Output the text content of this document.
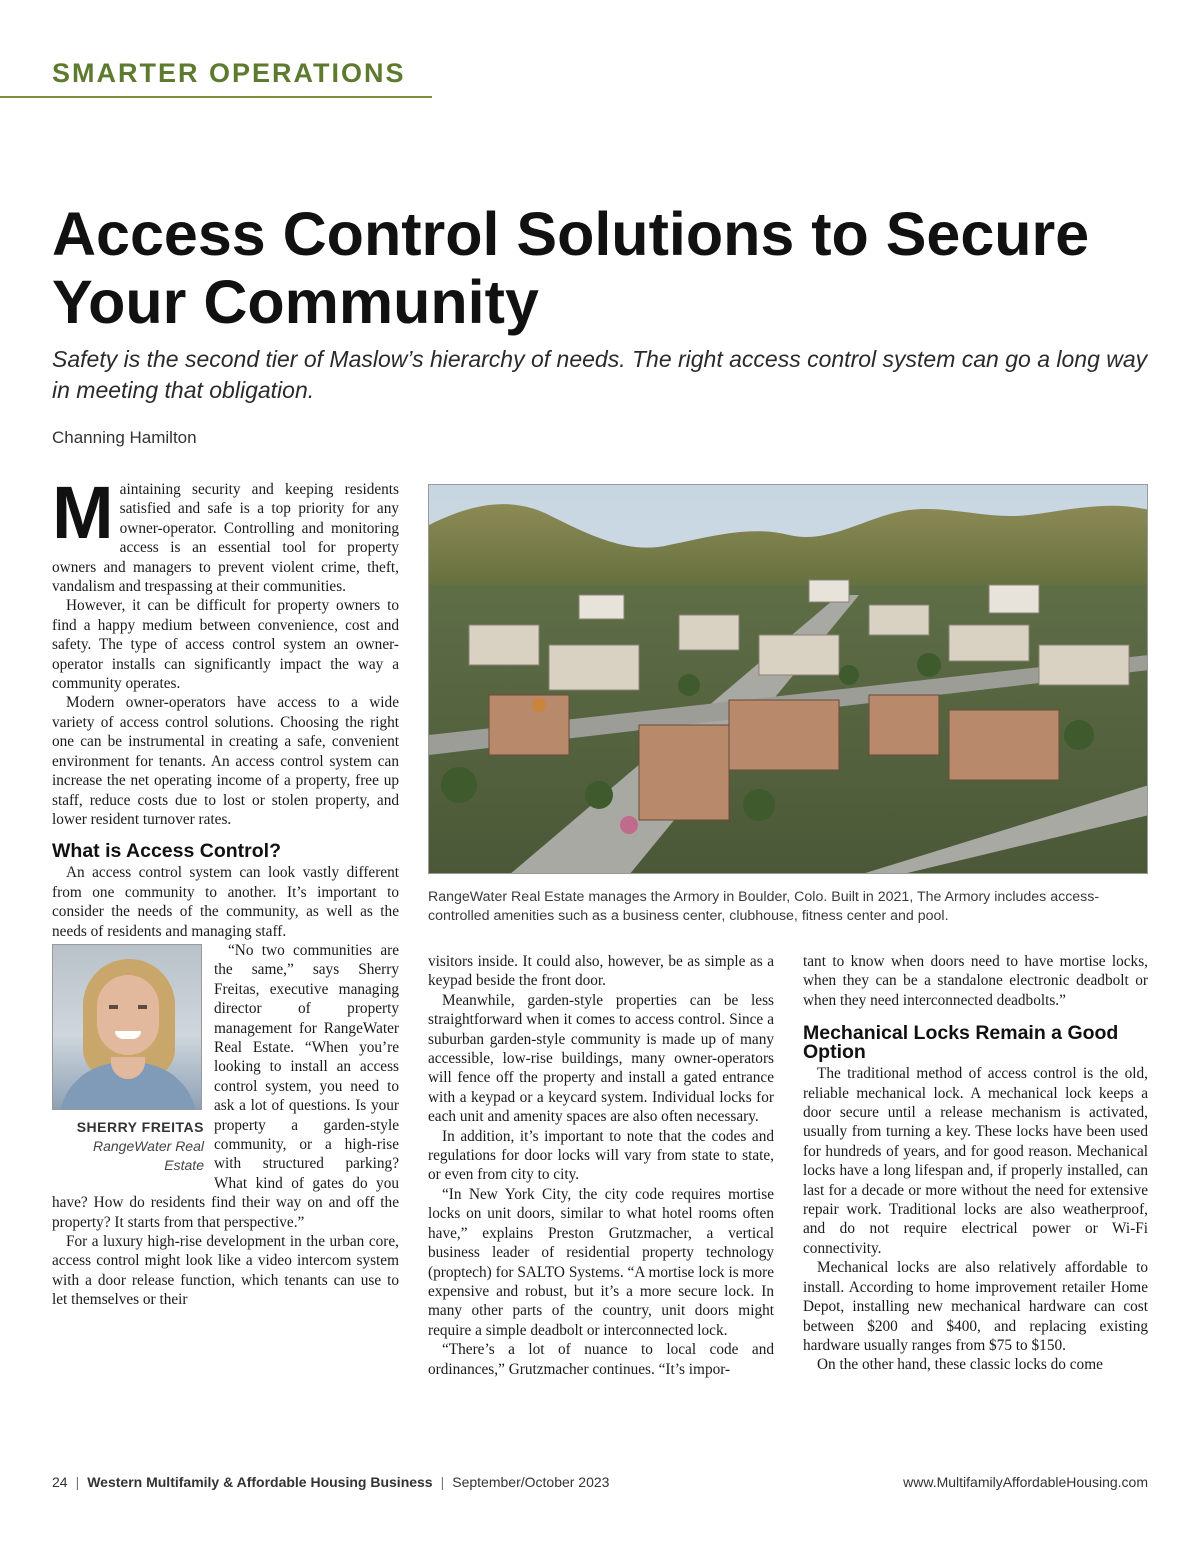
SMARTER OPERATIONS
Access Control Solutions to Secure Your Community
Safety is the second tier of Maslow’s hierarchy of needs. The right access control system can go a long way in meeting that obligation.
Channing Hamilton

Maintaining security and keeping residents satisfied and safe is a top priority for any owner-operator. Controlling and monitoring access is an essential tool for property owners and managers to prevent violent crime, theft, vandalism and trespassing at their communities.

However, it can be difficult for property owners to find a happy medium between convenience, cost and safety. The type of access control system an owner-operator installs can significantly impact the way a community operates.

Modern owner-operators have access to a wide variety of access control solutions. Choosing the right one can be instrumental in creating a safe, convenient environment for tenants. An access control system can increase the net operating income of a property, free up staff, reduce costs due to lost or stolen property, and lower resident turnover rates.

What is Access Control?

An access control system can look vastly different from one community to another. It’s important to consider the needs of the community, as well as the needs of residents and managing staff.

SHERRY FREITAS
RangeWater Real Estate

“No two communities are the same,” says Sherry Freitas, executive managing director of property management for RangeWater Real Estate. “When you’re looking to install an access control system, you need to ask a lot of questions. Is your property a garden-style community, or a high-rise with structured parking? What kind of gates do you have? How do residents find their way on and off the property? It starts from that perspective.”

For a luxury high-rise development in the urban core, access control might look like a video intercom system with a door release function, which tenants can use to let themselves or their

RangeWater Real Estate manages the Armory in Boulder, Colo. Built in 2021, The Armory includes access-controlled amenities such as a business center, clubhouse, fitness center and pool.

visitors inside. It could also, however, be as simple as a keypad beside the front door.

Meanwhile, garden-style properties can be less straightforward when it comes to access control. Since a suburban garden-style community is made up of many accessible, low-rise buildings, many owner-operators will fence off the property and install a gated entrance with a keypad or a keycard system. Individual locks for each unit and amenity spaces are also often necessary.

In addition, it’s important to note that the codes and regulations for door locks will vary from state to state, or even from city to city.

“In New York City, the city code requires mortise locks on unit doors, similar to what hotel rooms often have,” explains Preston Grutzmacher, a vertical business leader of residential property technology (proptech) for SALTO Systems. “A mortise lock is more expensive and robust, but it’s a more secure lock. In many other parts of the country, unit doors might require a simple deadbolt or interconnected lock.

“There’s a lot of nuance to local code and ordinances,” Grutzmacher continues. “It’s impor-

tant to know when doors need to have mortise locks, when they can be a standalone electronic deadbolt or when they need interconnected deadbolts.”

Mechanical Locks Remain a Good Option

The traditional method of access control is the old, reliable mechanical lock. A mechanical lock keeps a door secure until a release mechanism is activated, usually from turning a key. These locks have been used for hundreds of years, and for good reason. Mechanical locks have a long lifespan and, if properly installed, can last for a decade or more without the need for extensive repair work. Traditional locks are also weatherproof, and do not require electrical power or Wi-Fi connectivity.

Mechanical locks are also relatively affordable to install. According to home improvement retailer Home Depot, installing new mechanical hardware can cost between $200 and $400, and replacing existing hardware usually ranges from $75 to $150.

On the other hand, these classic locks do come

24 | Western Multifamily & Affordable Housing Business | September/October 2023	www.MultifamilyAffordableHousing.com
